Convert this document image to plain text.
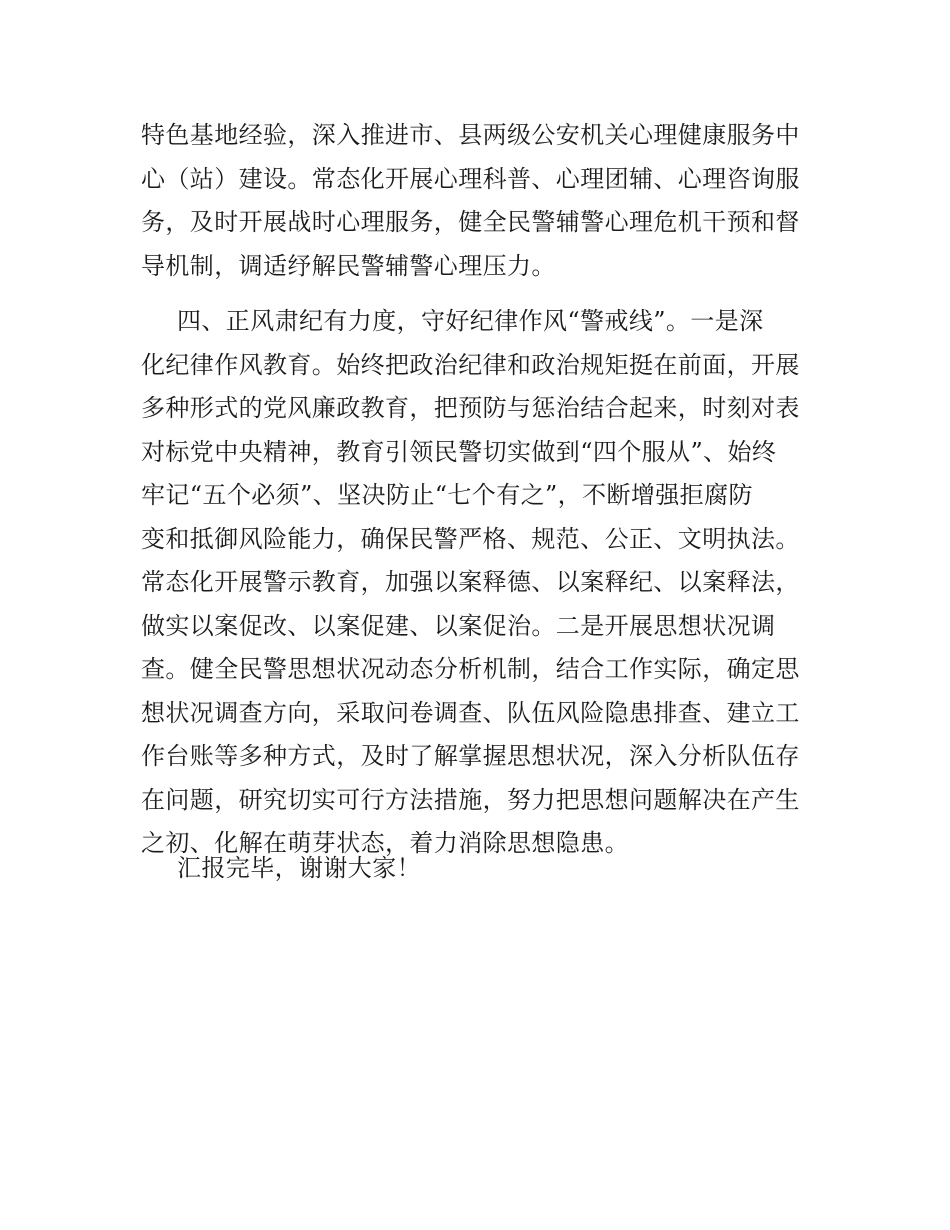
特色基地经验，深入推进市、县两级公安机关心理健康服务中
心（站）建设。常态化开展心理科普、心理团辅、心理咨询服
务，及时开展战时心理服务，健全民警辅警心理危机干预和督
导机制，调适纾解民警辅警心理压力。
四、正风肃纪有力度，守好纪律作风“警戒线”。一是深
化纪律作风教育。始终把政治纪律和政治规矩挺在前面，开展
多种形式的党风廉政教育，把预防与惩治结合起来，时刻对表
对标党中央精神，教育引领民警切实做到“四个服从”、始终
牢记“五个必须”、坚决防止“七个有之”，不断增强拒腐防
变和抵御风险能力，确保民警严格、规范、公正、文明执法。
常态化开展警示教育，加强以案释德、以案释纪、以案释法，
做实以案促改、以案促建、以案促治。二是开展思想状况调
查。健全民警思想状况动态分析机制，结合工作实际，确定思
想状况调查方向，采取问卷调查、队伍风险隐患排查、建立工
作台账等多种方式，及时了解掌握思想状况，深入分析队伍存
在问题，研究切实可行方法措施，努力把思想问题解决在产生
之初、化解在萌芽状态，着力消除思想隐患。
汇报完毕，谢谢大家！
